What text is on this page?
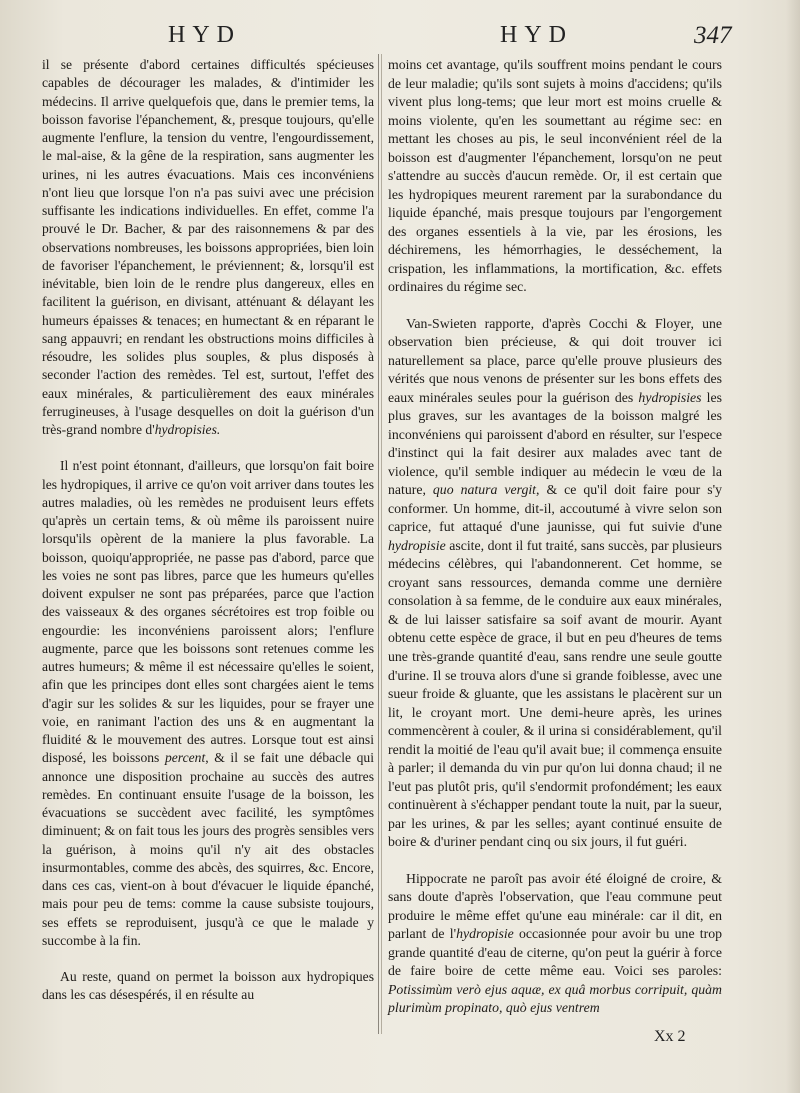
HYD	HYD	347

il se présente d'abord certaines difficultés spécieuses capables de décourager les malades, & d'intimider les médecins. Il arrive quelquefois que, dans le premier tems, la boisson favorise l'épanchement, &, presque toujours, qu'elle augmente l'enflure, la tension du ventre, l'engourdissement, le mal-aise, & la gêne de la respiration, sans augmenter les urines, ni les autres évacuations. Mais ces inconvéniens n'ont lieu que lorsque l'on n'a pas suivi avec une précision suffisante les indications individuelles. En effet, comme l'a prouvé le Dr. Bacher, & par des raisonnemens & par des observations nombreuses, les boissons appropriées, bien loin de favoriser l'épanchement, le préviennent; &, lorsqu'il est inévitable, bien loin de le rendre plus dangereux, elles en facilitent la guérison, en divisant, atténuant & délayant les humeurs épaisses & tenaces; en humectant & en réparant le sang appauvri; en rendant les obstructions moins difficiles à résoudre, les solides plus souples, & plus disposés à seconder l'action des remèdes. Tel est, surtout, l'effet des eaux minérales, & particulièrement des eaux minérales ferrugineuses, à l'usage desquelles on doit la guérison d'un très-grand nombre d'hydropisies.

Il n'est point étonnant, d'ailleurs, que lorsqu'on fait boire les hydropiques, il arrive ce qu'on voit arriver dans toutes les autres maladies, où les remèdes ne produisent leurs effets qu'après un certain tems, & où même ils paroissent nuire lorsqu'ils opèrent de la maniere la plus favorable. La boisson, quoiqu'appropriée, ne passe pas d'abord, parce que les voies ne sont pas libres, parce que les humeurs qu'elles doivent expulser ne sont pas préparées, parce que l'action des vaisseaux & des organes sécrétoires est trop foible ou engourdie: les inconvéniens paroissent alors; l'enflure augmente, parce que les boissons sont retenues comme les autres humeurs; & même il est nécessaire qu'elles le soient, afin que les principes dont elles sont chargées aient le tems d'agir sur les solides & sur les liquides, pour se frayer une voie, en ranimant l'action des uns & en augmentant la fluidité & le mouvement des autres. Lorsque tout est ainsi disposé, les boissons percent, & il se fait une débacle qui annonce une disposition prochaine au succès des autres remèdes. En continuant ensuite l'usage de la boisson, les évacuations se succèdent avec facilité, les symptômes diminuent; & on fait tous les jours des progrès sensibles vers la guérison, à moins qu'il n'y ait des obstacles insurmontables, comme des abcès, des squirres, &c. Encore, dans ces cas, vient-on à bout d'évacuer le liquide épanché, mais pour peu de tems: comme la cause subsiste toujours, ses effets se reproduisent, jusqu'à ce que le malade y succombe à la fin.

Au reste, quand on permet la boisson aux hydropiques dans les cas désespérés, il en résulte au

moins cet avantage, qu'ils souffrent moins pendant le cours de leur maladie; qu'ils sont sujets à moins d'accidens; qu'ils vivent plus long-tems; que leur mort est moins cruelle & moins violente, qu'en les soumettant au régime sec: en mettant les choses au pis, le seul inconvénient réel de la boisson est d'augmenter l'épanchement, lorsqu'on ne peut s'attendre au succès d'aucun remède. Or, il est certain que les hydropiques meurent rarement par la surabondance du liquide épanché, mais presque toujours par l'engorgement des organes essentiels à la vie, par les érosions, les déchiremens, les hémorrhagies, le desséchement, la crispation, les inflammations, la mortification, &c. effets ordinaires du régime sec.

Van-Swieten rapporte, d'après Cocchi & Floyer, une observation bien précieuse, & qui doit trouver ici naturellement sa place, parce qu'elle prouve plusieurs des vérités que nous venons de présenter sur les bons effets des eaux minérales seules pour la guérison des hydropisies les plus graves, sur les avantages de la boisson malgré les inconvéniens qui paroissent d'abord en résulter, sur l'espece d'instinct qui la fait desirer aux malades avec tant de violence, qu'il semble indiquer au médecin le vœu de la nature, quo natura vergit, & ce qu'il doit faire pour s'y conformer. Un homme, dit-il, accoutumé à vivre selon son caprice, fut attaqué d'une jaunisse, qui fut suivie d'une hydropisie ascite, dont il fut traité, sans succès, par plusieurs médecins célèbres, qui l'abandonnerent. Cet homme, se croyant sans ressources, demanda comme une dernière consolation à sa femme, de le conduire aux eaux minérales, & de lui laisser satisfaire sa soif avant de mourir. Ayant obtenu cette espèce de grace, il but en peu d'heures de tems une très-grande quantité d'eau, sans rendre une seule goutte d'urine. Il se trouva alors d'une si grande foiblesse, avec une sueur froide & gluante, que les assistans le placèrent sur un lit, le croyant mort. Une demi-heure après, les urines commencèrent à couler, & il urina si considérablement, qu'il rendit la moitié de l'eau qu'il avait bue; il commença ensuite à parler; il demanda du vin pur qu'on lui donna chaud; il ne l'eut pas plutôt pris, qu'il s'endormit profondément; les eaux continuèrent à s'échapper pendant toute la nuit, par la sueur, par les urines, & par les selles; ayant continué ensuite de boire & d'uriner pendant cinq ou six jours, il fut guéri.

Hippocrate ne paroît pas avoir été éloigné de croire, & sans doute d'après l'observation, que l'eau commune peut produire le même effet qu'une eau minérale: car il dit, en parlant de l'hydropisie occasionnée pour avoir bu une trop grande quantité d'eau de citerne, qu'on peut la guérir à force de faire boire de cette même eau. Voici ses paroles: Potissimùm verò ejus aquæ, ex quâ morbus corripuit, quàm plurimùm propinato, quò ejus ventrem

Xx 2
